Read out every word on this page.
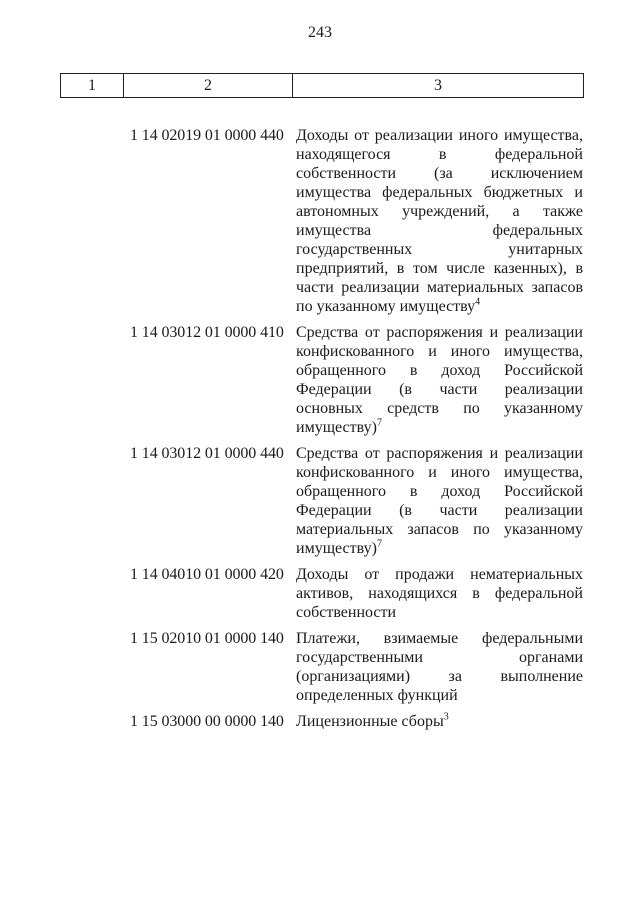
243
1	2	3
1 14 02019 01 0000 440 Доходы от реализации иного имущества, находящегося в федеральной собственности (за исключением имущества федеральных бюджетных и автономных учреждений, а также имущества федеральных государственных унитарных предприятий, в том числе казенных), в части реализации материальных запасов по указанному имуществу$^4$
1 14 03012 01 0000 410 Средства от распоряжения и реализации конфискованного и иного имущества, обращенного в доход Российской Федерации (в части реализации основных средств по указанному имуществу)$^7$
1 14 03012 01 0000 440 Средства от распоряжения и реализации конфискованного и иного имущества, обращенного в доход Российской Федерации (в части реализации материальных запасов по указанному имуществу)$^7$
1 14 04010 01 0000 420 Доходы от продажи нематериальных активов, находящихся в федеральной собственности
1 15 02010 01 0000 140 Платежи, взимаемые федеральными государственными органами (организациями) за выполнение определенных функций
1 15 03000 00 0000 140 Лицензионные сборы$^3$
